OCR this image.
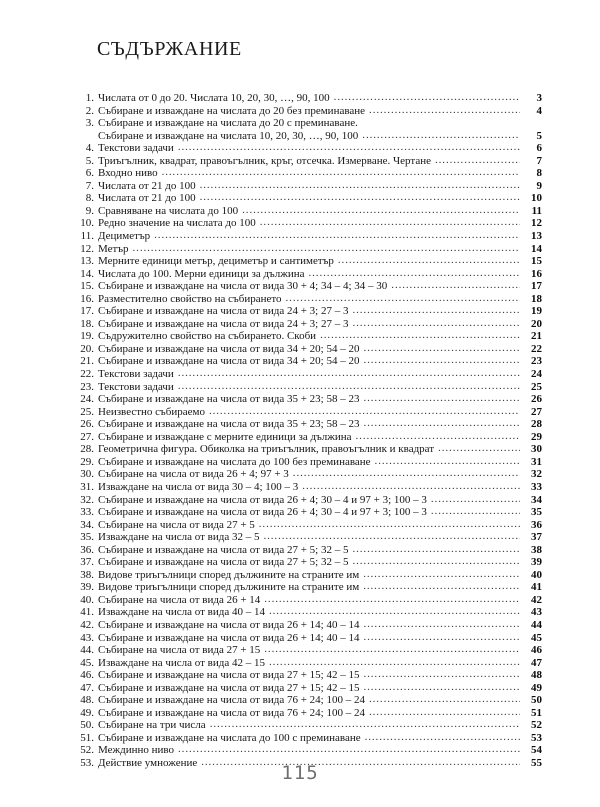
СЪДЪРЖАНИЕ
1. Числата от 0 до 20. Числата 10, 20, 30, …, 90, 100 .....	3
2. Събиране и изваждане на числата до 20 без преминаване .....	4
3. Събиране и изваждане на числата до 20 с преминаване.
Събиране и изваждане на числата 10, 20, 30, …, 90, 100 .....	5
4. Текстови задачи .....	6
5. Триъгълник, квадрат, правоъгълник, кръг, отсечка. Измерване. Чертане .....	7
6. Входно ниво .....	8
7. Числата от 21 до 100 .....	9
8. Числата от 21 до 100 .....	10
9. Сравняване на числата до 100 .....	11
10. Редно значение на числата до 100 .....	12
11. Дециметър .....	13
12. Метър .....	14
13. Мерните единици метър, дециметър и сантиметър .....	15
14. Числата до 100. Мерни единици за дължина .....	16
15. Събиране и изваждане на числа от вида 30 + 4; 34 – 4; 34 – 30 .....	17
16. Разместително свойство на събирането .....	18
17. Събиране и изваждане на числа от вида 24 + 3; 27 – 3 .....	19
18. Събиране и изваждане на числа от вида 24 + 3; 27 – 3 .....	20
19. Съдружително свойство на събирането. Скоби .....	21
20. Събиране и изваждане на числа от вида 34 + 20; 54 – 20 .....	22
21. Събиране и изваждане на числа от вида 34 + 20; 54 – 20 .....	23
22. Текстови задачи .....	24
23. Текстови задачи .....	25
24. Събиране и изваждане на числа от вида 35 + 23; 58 – 23 .....	26
25. Неизвестно събираемо .....	27
26. Събиране и изваждане на числа от вида 35 + 23; 58 – 23 .....	28
27. Събиране и изваждане с мерните единици за дължина .....	29
28. Геометрична фигура. Обиколка на триъгълник, правоъгълник и квадрат .....	30
29. Събиране и изваждане на числата до 100 без преминаване .....	31
30. Събиране на числа от вида 26 + 4; 97 + 3 .....	32
31. Изваждане на числа от вида 30 – 4; 100 – 3 .....	33
32. Събиране и изваждане на числа от вида 26 + 4; 30 – 4 и 97 + 3; 100 – 3 .....	34
33. Събиране и изваждане на числа от вида 26 + 4; 30 – 4 и 97 + 3; 100 – 3 .....	35
34. Събиране на числа от вида 27 + 5 .....	36
35. Изваждане на числа от вида 32 – 5 .....	37
36. Събиране и изваждане на числа от вида 27 + 5; 32 – 5 .....	38
37. Събиране и изваждане на числа от вида 27 + 5; 32 – 5 .....	39
38. Видове триъгълници според дължините на страните им .....	40
39. Видове триъгълници според дължините на страните им .....	41
40. Събиране на числа от вида 26 + 14 .....	42
41. Изваждане на числа от вида 40 – 14 .....	43
42. Събиране и изваждане на числа от вида 26 + 14; 40 – 14 .....	44
43. Събиране и изваждане на числа от вида 26 + 14; 40 – 14 .....	45
44. Събиране на числа от вида 27 + 15 .....	46
45. Изваждане на числа от вида 42 – 15 .....	47
46. Събиране и изваждане на числа от вида 27 + 15; 42 – 15 .....	48
47. Събиране и изваждане на числа от вида 27 + 15; 42 – 15 .....	49
48. Събиране и изваждане на числа от вида 76 + 24; 100 – 24 .....	50
49. Събиране и изваждане на числа от вида 76 + 24; 100 – 24 .....	51
50. Събиране на три числа .....	52
51. Събиране и изваждане на числата до 100 с преминаване .....	53
52. Междинно ниво .....	54
53. Действие умножение .....	55
115
